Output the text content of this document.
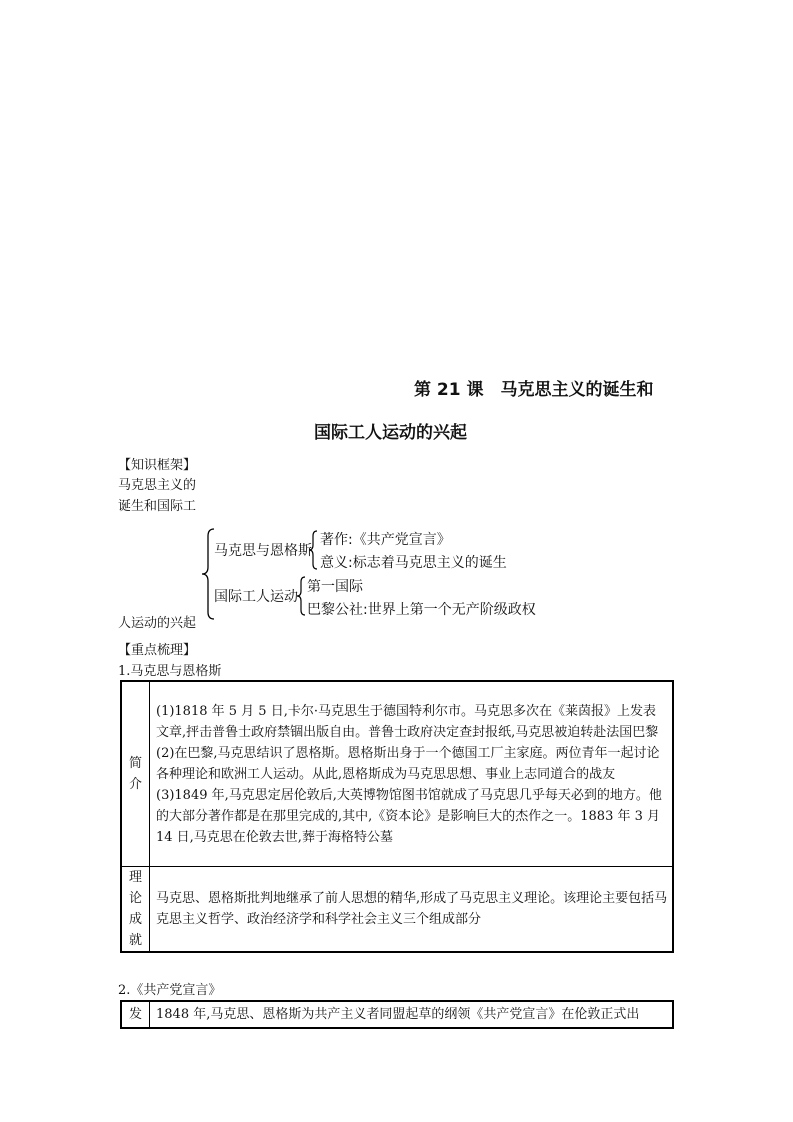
第 21 课　马克思主义的诞生和
国际工人运动的兴起
【知识框架】
马克思主义的
诞生和国际工
人运动的兴起
马克思与恩格斯
著作:《共产党宣言》
意义:标志着马克思主义的诞生
国际工人运动
第一国际
巴黎公社:世界上第一个无产阶级政权
【重点梳理】
1.马克思与恩格斯
简介	(1)1818 年 5 月 5 日,卡尔·马克思生于德国特利尔市。马克思多次在《莱茵报》上发表文章,抨击普鲁士政府禁锢出版自由。普鲁士政府决定查封报纸,马克思被迫转赴法国巴黎
(2)在巴黎,马克思结识了恩格斯。恩格斯出身于一个德国工厂主家庭。两位青年一起讨论各种理论和欧洲工人运动。从此,恩格斯成为马克思思想、事业上志同道合的战友
(3)1849 年,马克思定居伦敦后,大英博物馆图书馆就成了马克思几乎每天必到的地方。他的大部分著作都是在那里完成的,其中,《资本论》是影响巨大的杰作之一。1883 年 3 月 14 日,马克思在伦敦去世,葬于海格特公墓

理论成就	马克思、恩格斯批判地继承了前人思想的精华,形成了马克思主义理论。该理论主要包括马克思主义哲学、政治经济学和科学社会主义三个组成部分
2.《共产党宣言》
发	1848 年,马克思、恩格斯为共产主义者同盟起草的纲领《共产党宣言》在伦敦正式出
